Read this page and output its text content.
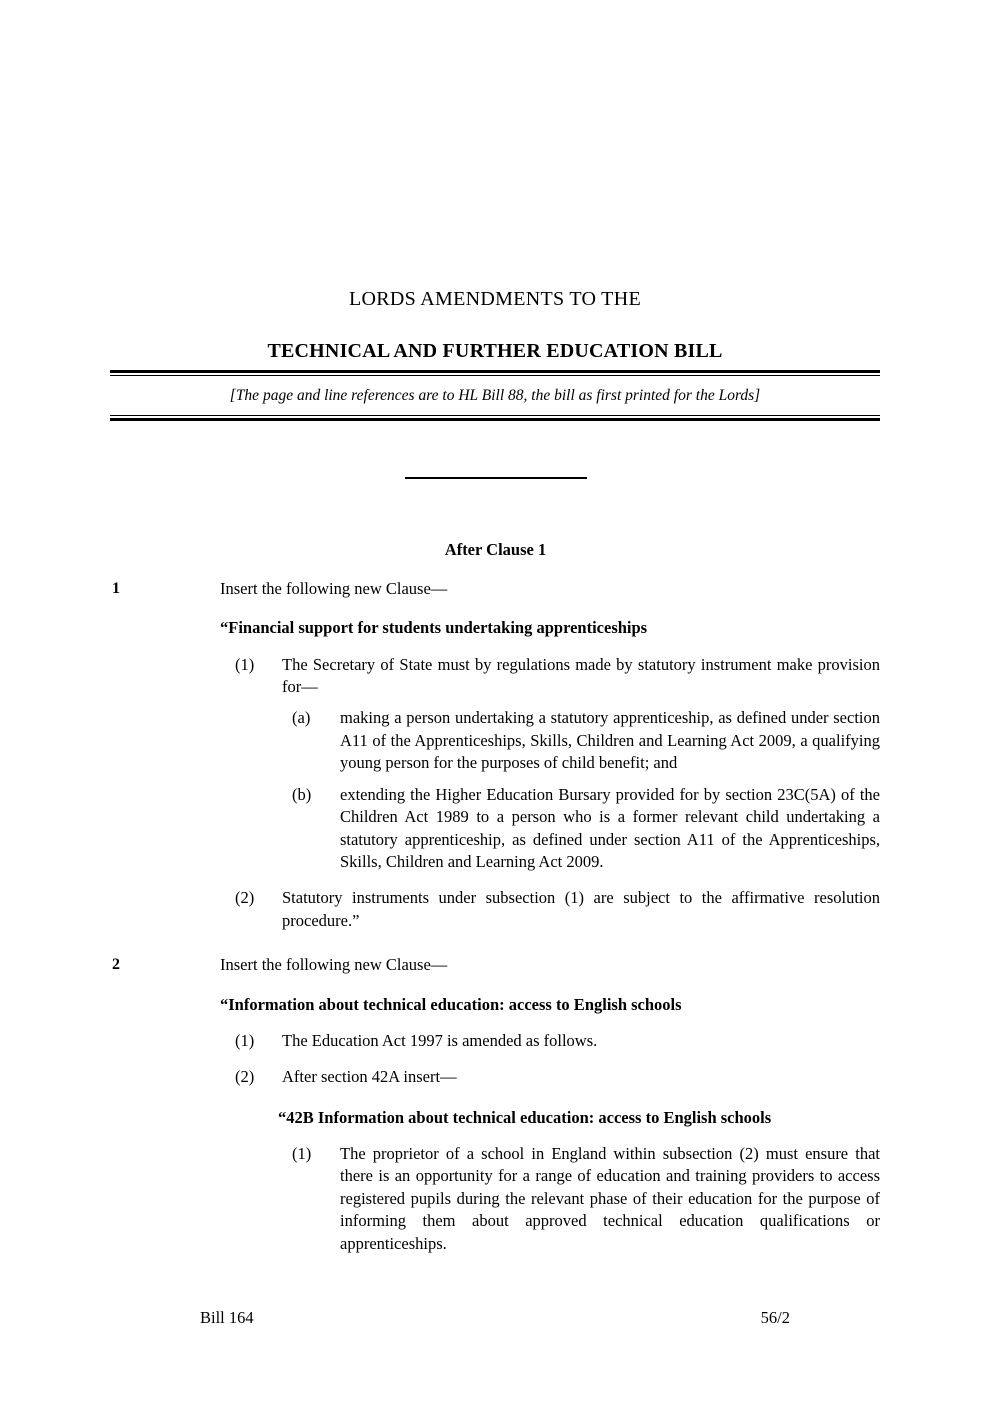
LORDS AMENDMENTS TO THE
TECHNICAL AND FURTHER EDUCATION BILL
[The page and line references are to HL Bill 88, the bill as first printed for the Lords]
After Clause 1
1	Insert the following new Clause—
“Financial support for students undertaking apprenticeships
(1)	The Secretary of State must by regulations made by statutory instrument make provision for—
(a)	making a person undertaking a statutory apprenticeship, as defined under section A11 of the Apprenticeships, Skills, Children and Learning Act 2009, a qualifying young person for the purposes of child benefit; and
(b)	extending the Higher Education Bursary provided for by section 23C(5A) of the Children Act 1989 to a person who is a former relevant child undertaking a statutory apprenticeship, as defined under section A11 of the Apprenticeships, Skills, Children and Learning Act 2009.
(2)	Statutory instruments under subsection (1) are subject to the affirmative resolution procedure.”
2	Insert the following new Clause—
“Information about technical education: access to English schools
(1)	The Education Act 1997 is amended as follows.
(2)	After section 42A insert—
“42B Information about technical education: access to English schools
(1)	The proprietor of a school in England within subsection (2) must ensure that there is an opportunity for a range of education and training providers to access registered pupils during the relevant phase of their education for the purpose of informing them about approved technical education qualifications or apprenticeships.
Bill 164	56/2
